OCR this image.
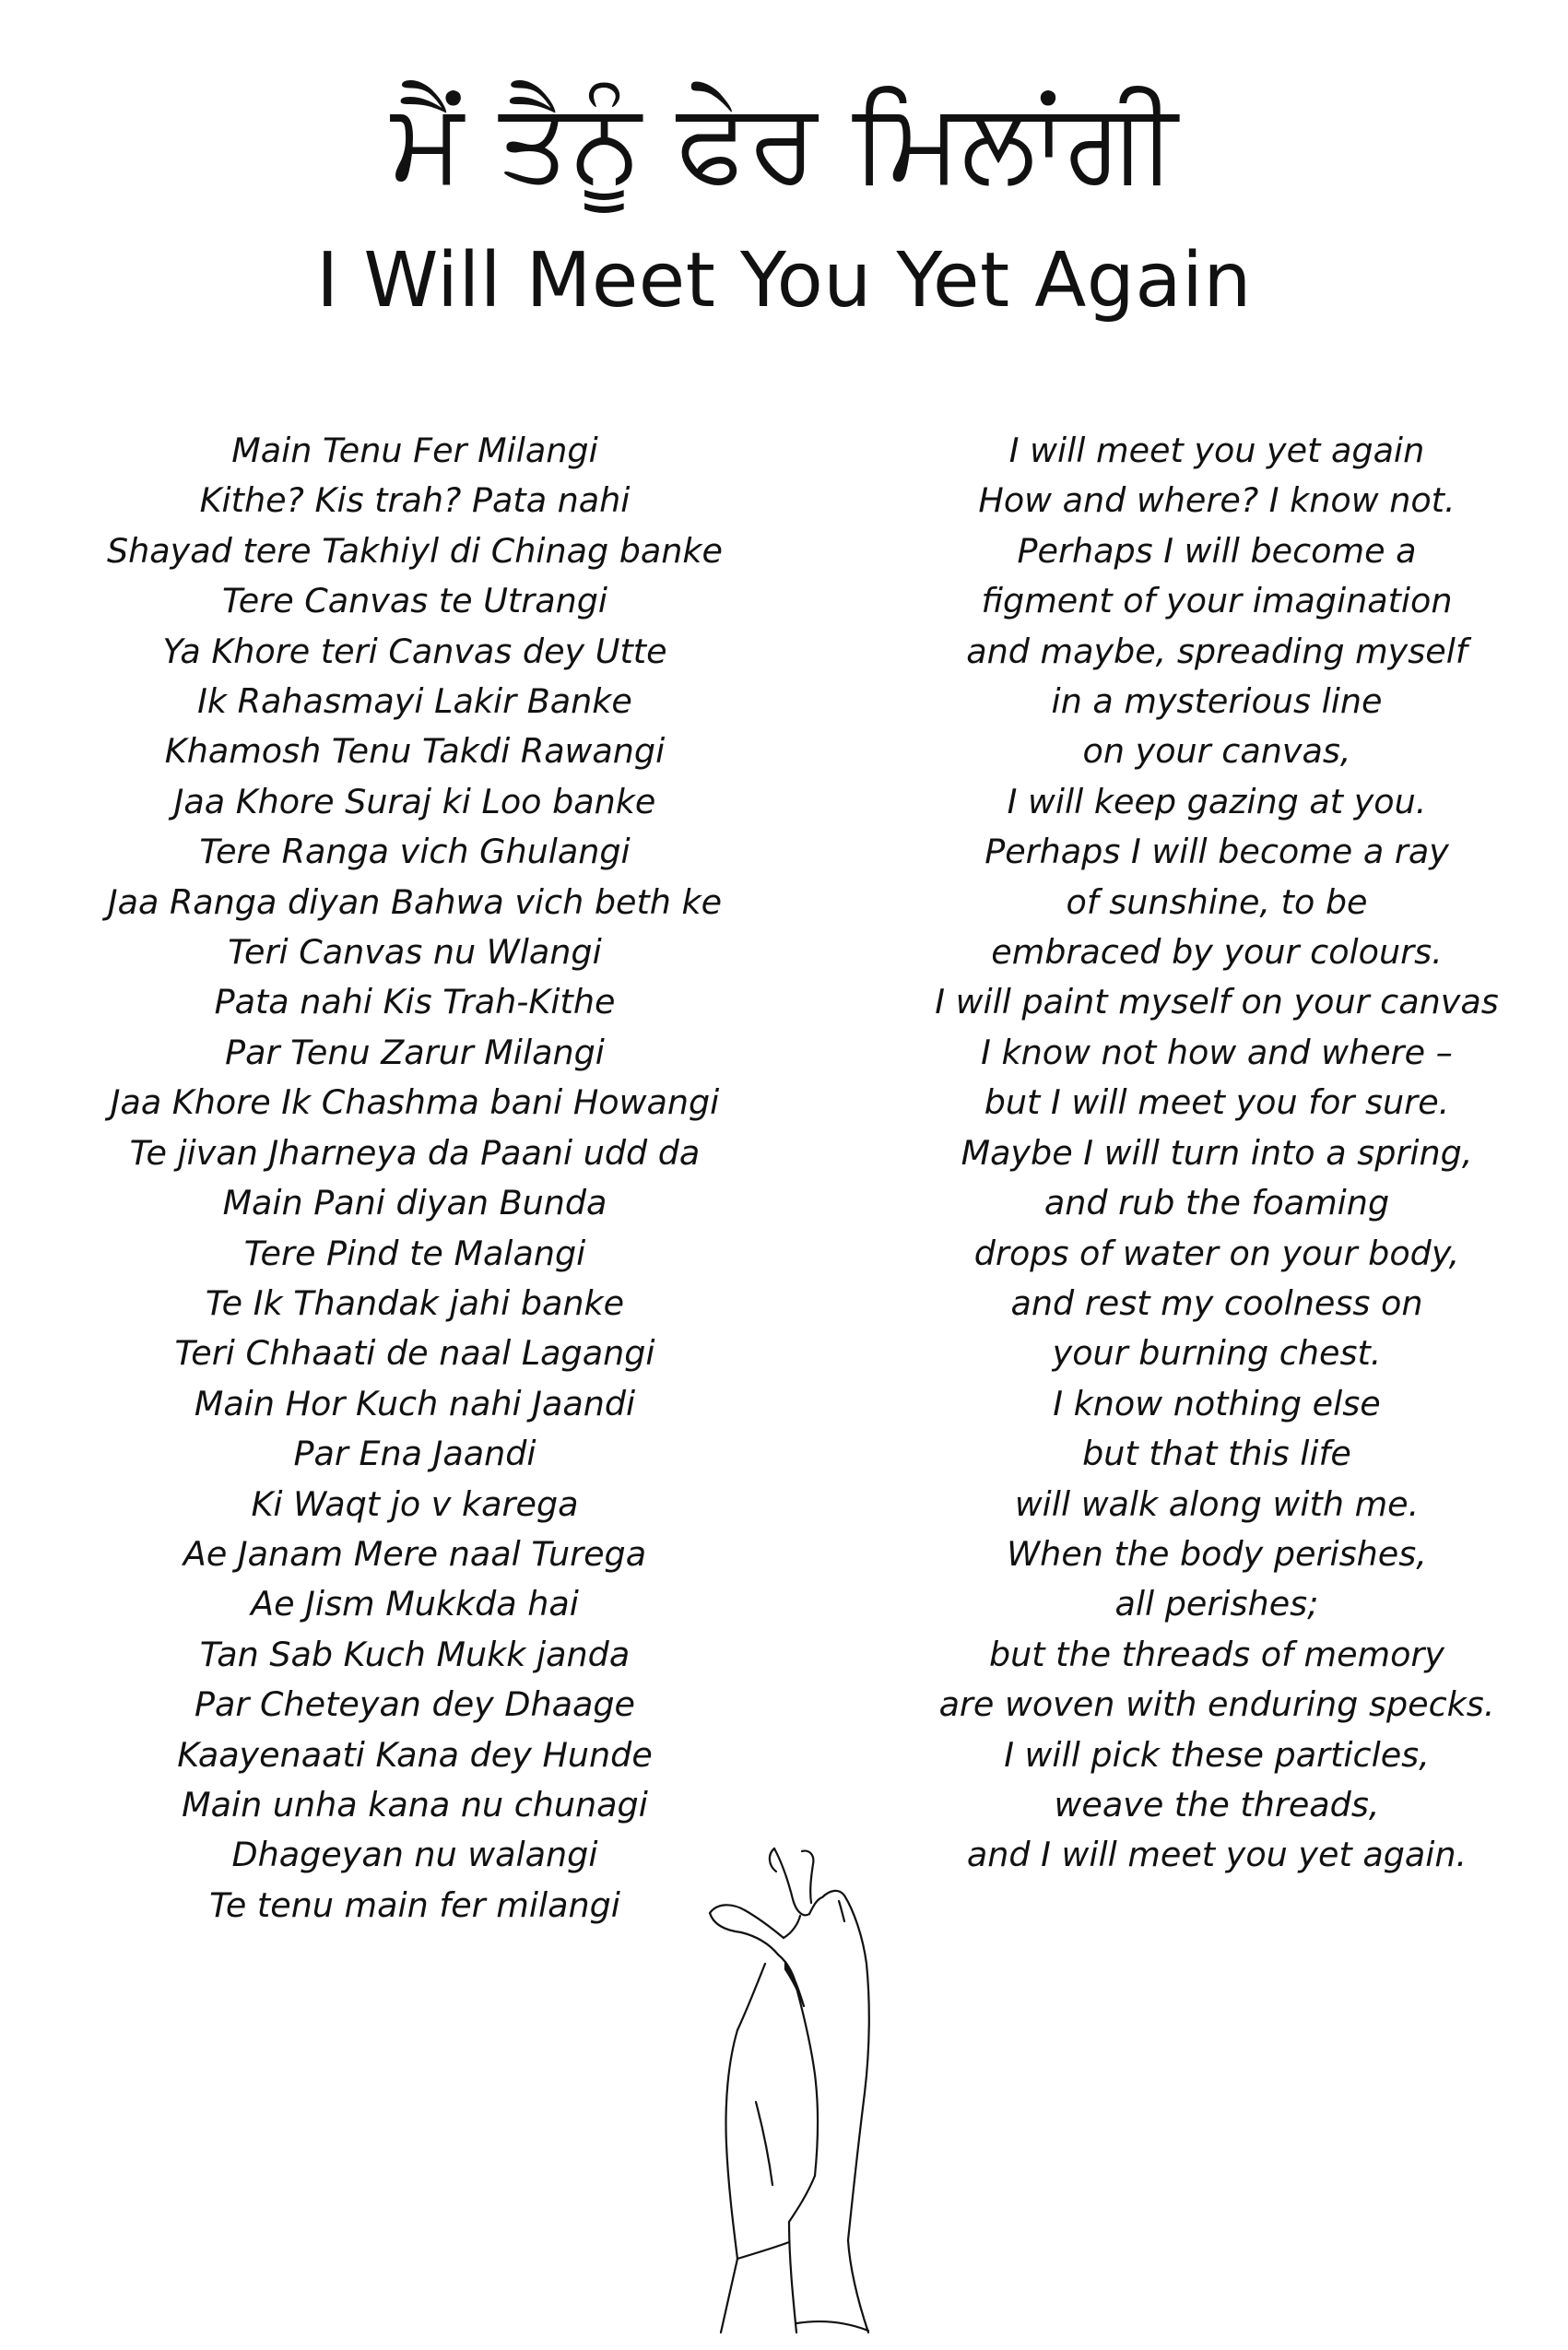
ਮੈਂ ਤੈਨੂੰ ਫੇਰ ਮਿਲਾਂਗੀ
I Will Meet You Yet Again
Main Tenu Fer Milangi
Kithe? Kis trah? Pata nahi
Shayad tere Takhiyl di Chinag banke
Tere Canvas te Utrangi
Ya Khore teri Canvas dey Utte
Ik Rahasmayi Lakir Banke
Khamosh Tenu Takdi Rawangi
Jaa Khore Suraj ki Loo banke
Tere Ranga vich Ghulangi
Jaa Ranga diyan Bahwa vich beth ke
Teri Canvas nu Wlangi
Pata nahi Kis Trah-Kithe
Par Tenu Zarur Milangi
Jaa Khore Ik Chashma bani Howangi
Te jivan Jharneya da Paani udd da
Main Pani diyan Bunda
Tere Pind te Malangi
Te Ik Thandak jahi banke
Teri Chhaati de naal Lagangi
Main Hor Kuch nahi Jaandi
Par Ena Jaandi
Ki Waqt jo v karega
Ae Janam Mere naal Turega
Ae Jism Mukkda hai
Tan Sab Kuch Mukk janda
Par Cheteyan dey Dhaage
Kaayenaati Kana dey Hunde
Main unha kana nu chunagi
Dhageyan nu walangi
Te tenu main fer milangi
I will meet you yet again
How and where? I know not.
Perhaps I will become a
figment of your imagination
and maybe, spreading myself
in a mysterious line
on your canvas,
I will keep gazing at you.
Perhaps I will become a ray
of sunshine, to be
embraced by your colours.
I will paint myself on your canvas
I know not how and where –
but I will meet you for sure.
Maybe I will turn into a spring,
and rub the foaming
drops of water on your body,
and rest my coolness on
your burning chest.
I know nothing else
but that this life
will walk along with me.
When the body perishes,
all perishes;
but the threads of memory
are woven with enduring specks.
I will pick these particles,
weave the threads,
and I will meet you yet again.
